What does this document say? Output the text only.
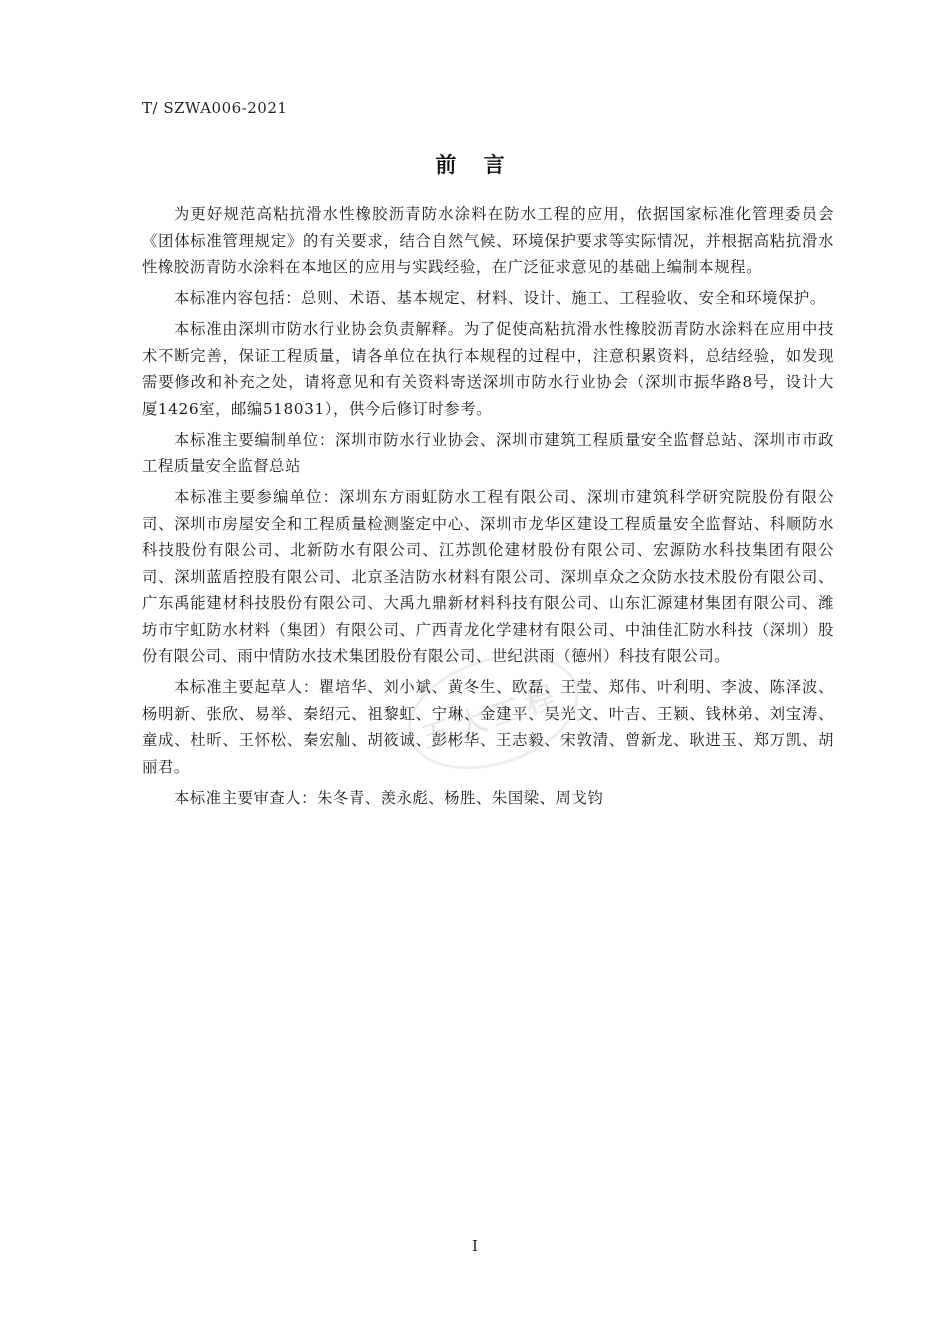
T/ SZWA006-2021
前 言

为更好规范高粘抗滑水性橡胶沥青防水涂料在防水工程的应用，依据国家标准化管理委员会《团体标准管理规定》的有关要求，结合自然气候、环境保护要求等实际情况，并根据高粘抗滑水性橡胶沥青防水涂料在本地区的应用与实践经验，在广泛征求意见的基础上编制本规程。

本标准内容包括：总则、术语、基本规定、材料、设计、施工、工程验收、安全和环境保护。

本标准由深圳市防水行业协会负责解释。为了促使高粘抗滑水性橡胶沥青防水涂料在应用中技术不断完善，保证工程质量，请各单位在执行本规程的过程中，注意积累资料，总结经验，如发现需要修改和补充之处，请将意见和有关资料寄送深圳市防水行业协会（深圳市振华路8号，设计大厦1426室，邮编518031），供今后修订时参考。

本标准主要编制单位：深圳市防水行业协会、深圳市建筑工程质量安全监督总站、深圳市市政工程质量安全监督总站

本标准主要参编单位：深圳东方雨虹防水工程有限公司、深圳市建筑科学研究院股份有限公司、深圳市房屋安全和工程质量检测鉴定中心、深圳市龙华区建设工程质量安全监督站、科顺防水科技股份有限公司、北新防水有限公司、江苏凯伦建材股份有限公司、宏源防水科技集团有限公司、深圳蓝盾控股有限公司、北京圣洁防水材料有限公司、深圳卓众之众防水技术股份有限公司、广东禹能建材科技股份有限公司、大禹九鼎新材料科技有限公司、山东汇源建材集团有限公司、潍坊市宇虹防水材料（集团）有限公司、广西青龙化学建材有限公司、中油佳汇防水科技（深圳）股份有限公司、雨中情防水技术集团股份有限公司、世纪洪雨（德州）科技有限公司。

本标准主要起草人：瞿培华、刘小斌、黄冬生、欧磊、王莹、郑伟、叶利明、李波、陈泽波、杨明新、张欣、易举、秦绍元、祖黎虹、宁琳、金建平、吴光文、叶吉、王颖、钱林弟、刘宝涛、童成、杜昕、王怀松、秦宏舢、胡筱诚、彭彬华、王志毅、宋敦清、曾新龙、耿进玉、郑万凯、胡丽君。

本标准主要审查人：朱冬青、羡永彪、杨胜、朱国梁、周戈钧

五大工程
I
